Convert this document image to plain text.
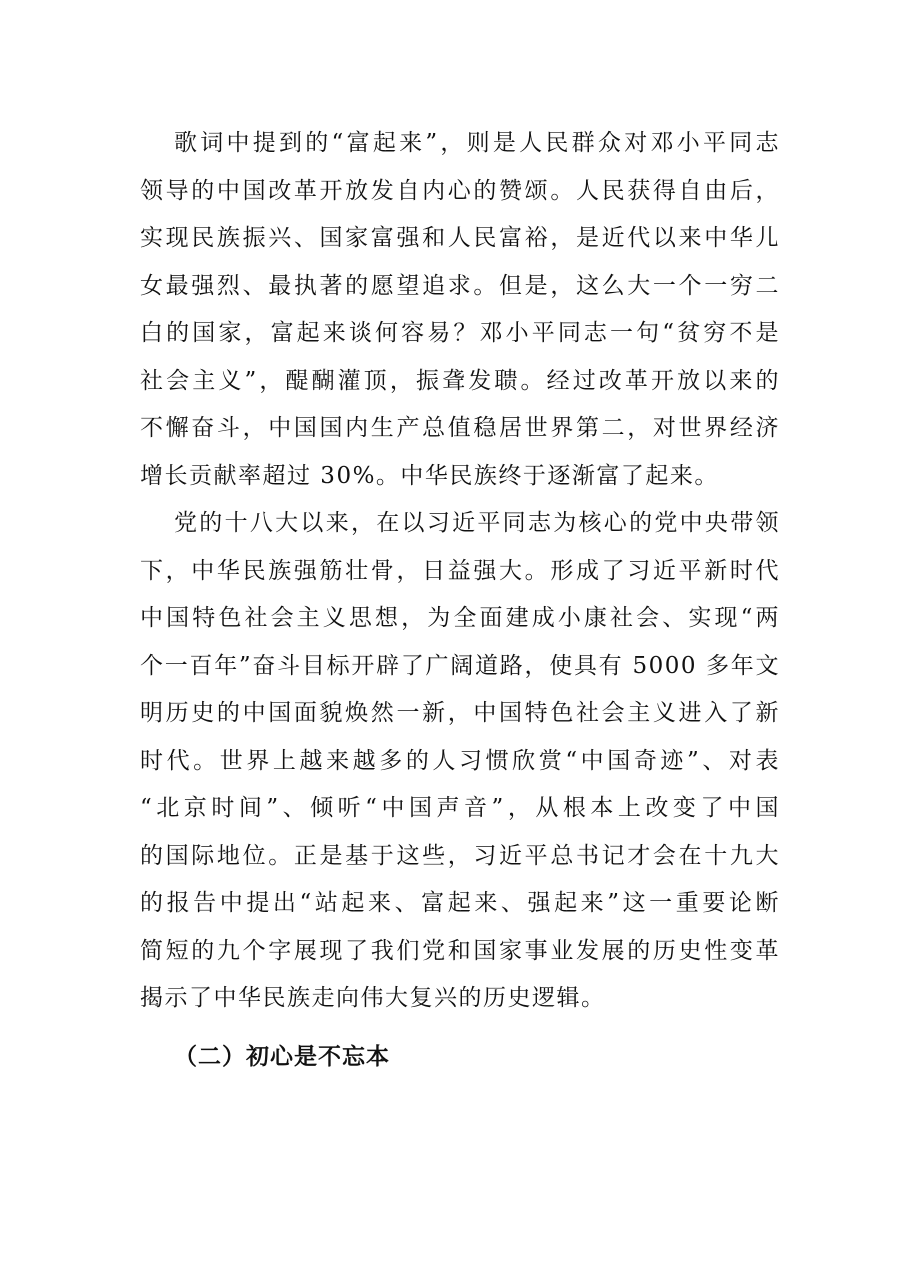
歌词中提到的“富起来”，则是人民群众对邓小平同志
领导的中国改革开放发自内心的赞颂。人民获得自由后，
实现民族振兴、国家富强和人民富裕，是近代以来中华儿
女最强烈、最执著的愿望追求。但是，这么大一个一穷二
白的国家，富起来谈何容易？邓小平同志一句“贫穷不是
社会主义”，醍醐灌顶，振聋发聩。经过改革开放以来的
不懈奋斗，中国国内生产总值稳居世界第二，对世界经济
增长贡献率超过 30%。中华民族终于逐渐富了起来。
党的十八大以来，在以习近平同志为核心的党中央带领
下，中华民族强筋壮骨，日益强大。形成了习近平新时代
中国特色社会主义思想，为全面建成小康社会、实现“两
个一百年”奋斗目标开辟了广阔道路，使具有 5000 多年文
明历史的中国面貌焕然一新，中国特色社会主义进入了新
时代。世界上越来越多的人习惯欣赏“中国奇迹”、对表
“北京时间”、倾听“中国声音”，从根本上改变了中国
的国际地位。正是基于这些，习近平总书记才会在十九大
的报告中提出“站起来、富起来、强起来”这一重要论断
简短的九个字展现了我们党和国家事业发展的历史性变革
揭示了中华民族走向伟大复兴的历史逻辑。
（二）初心是不忘本
